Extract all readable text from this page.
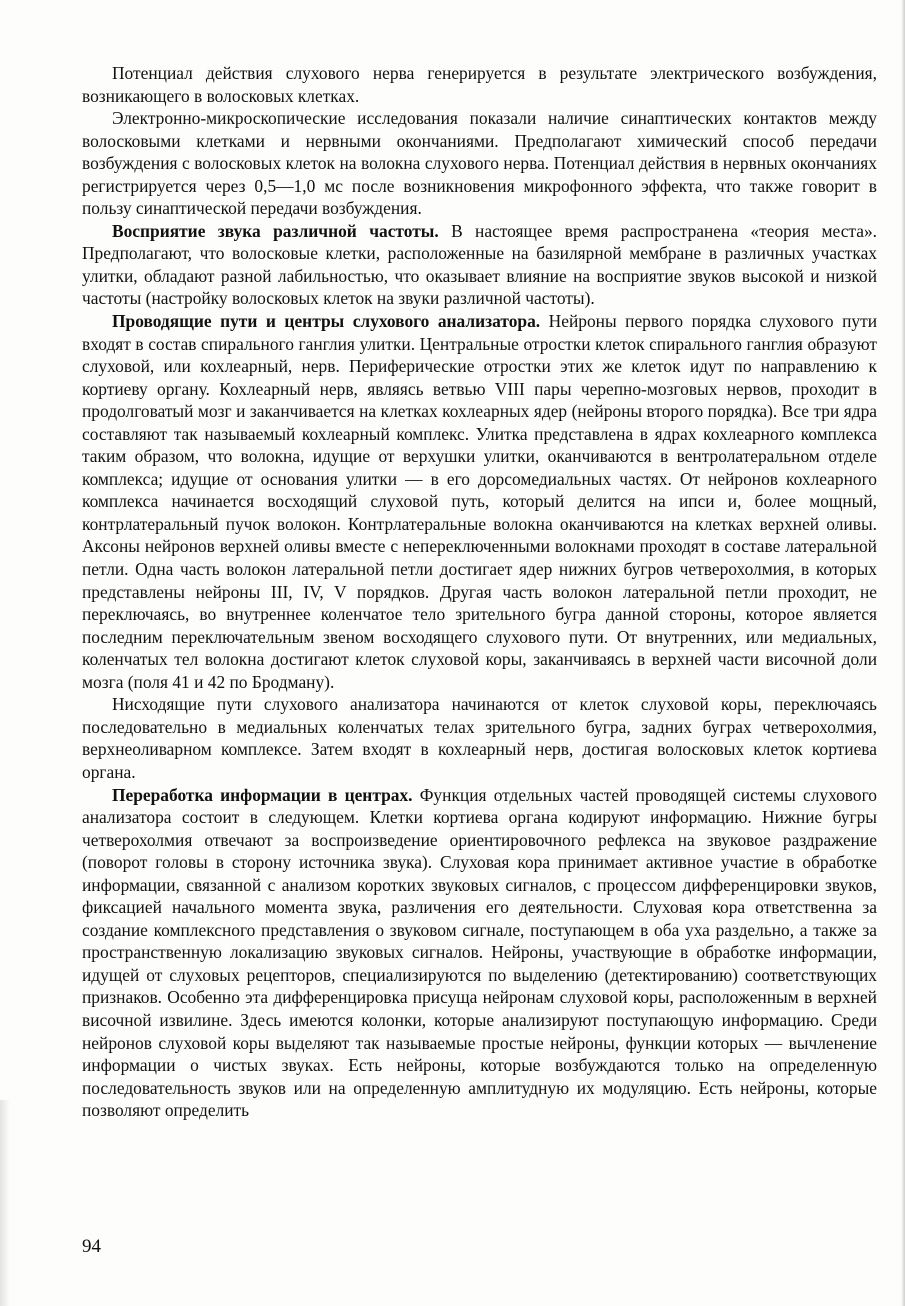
Потенциал действия слухового нерва генерируется в результате электрического возбуждения, возникающего в волосковых клетках.

Электронно-микроскопические исследования показали наличие синаптических контактов между волосковыми клетками и нервными окончаниями. Предполагают химический способ передачи возбуждения с волосковых клеток на волокна слухового нерва. Потенциал действия в нервных окончаниях регистрируется через 0,5—1,0 мс после возникновения микрофонного эффекта, что также говорит в пользу синаптической передачи возбуждения.

Восприятие звука различной частоты. В настоящее время распространена «теория места». Предполагают, что волосковые клетки, расположенные на базилярной мембране в различных участках улитки, обладают разной лабильностью, что оказывает влияние на восприятие звуков высокой и низкой частоты (настройку волосковых клеток на звуки различной частоты).

Проводящие пути и центры слухового анализатора. Нейроны первого порядка слухового пути входят в состав спирального ганглия улитки. Центральные отростки клеток спирального ганглия образуют слуховой, или кохлеарный, нерв. Периферические отростки этих же клеток идут по направлению к кортиеву органу. Кохлеарный нерв, являясь ветвью VIII пары черепно-мозговых нервов, проходит в продолговатый мозг и заканчивается на клетках кохлеарных ядер (нейроны второго порядка). Все три ядра составляют так называемый кохлеарный комплекс. Улитка представлена в ядрах кохлеарного комплекса таким образом, что волокна, идущие от верхушки улитки, оканчиваются в вентролатеральном отделе комплекса; идущие от основания улитки — в его дорсомедиальных частях. От нейронов кохлеарного комплекса начинается восходящий слуховой путь, который делится на ипси и, более мощный, контрлатеральный пучок волокон. Контрлатеральные волокна оканчиваются на клетках верхней оливы. Аксоны нейронов верхней оливы вместе с непереключенными волокнами проходят в составе латеральной петли. Одна часть волокон латеральной петли достигает ядер нижних бугров четверохолмия, в которых представлены нейроны III, IV, V порядков. Другая часть волокон латеральной петли проходит, не переключаясь, во внутреннее коленчатое тело зрительного бугра данной стороны, которое является последним переключательным звеном восходящего слухового пути. От внутренних, или медиальных, коленчатых тел волокна достигают клеток слуховой коры, заканчиваясь в верхней части височной доли мозга (поля 41 и 42 по Бродману).

Нисходящие пути слухового анализатора начинаются от клеток слуховой коры, переключаясь последовательно в медиальных коленчатых телах зрительного бугра, задних буграх четверохолмия, верхнеоливарном комплексе. Затем входят в кохлеарный нерв, достигая волосковых клеток кортиева органа.

Переработка информации в центрах. Функция отдельных частей проводящей системы слухового анализатора состоит в следующем. Клетки кортиева органа кодируют информацию. Нижние бугры четверохолмия отвечают за воспроизведение ориентировочного рефлекса на звуковое раздражение (поворот головы в сторону источника звука). Слуховая кора принимает активное участие в обработке информации, связанной с анализом коротких звуковых сигналов, с процессом дифференцировки звуков, фиксацией начального момента звука, различения его деятельности. Слуховая кора ответственна за создание комплексного представления о звуковом сигнале, поступающем в оба уха раздельно, а также за пространственную локализацию звуковых сигналов. Нейроны, участвующие в обработке информации, идущей от слуховых рецепторов, специализируются по выделению (детектированию) соответствующих признаков. Особенно эта дифференцировка присуща нейронам слуховой коры, расположенным в верхней височной извилине. Здесь имеются колонки, которые анализируют поступающую информацию. Среди нейронов слуховой коры выделяют так называемые простые нейроны, функции которых — вычленение информации о чистых звуках. Есть нейроны, которые возбуждаются только на определенную последовательность звуков или на определенную амплитудную их модуляцию. Есть нейроны, которые позволяют определить

94
